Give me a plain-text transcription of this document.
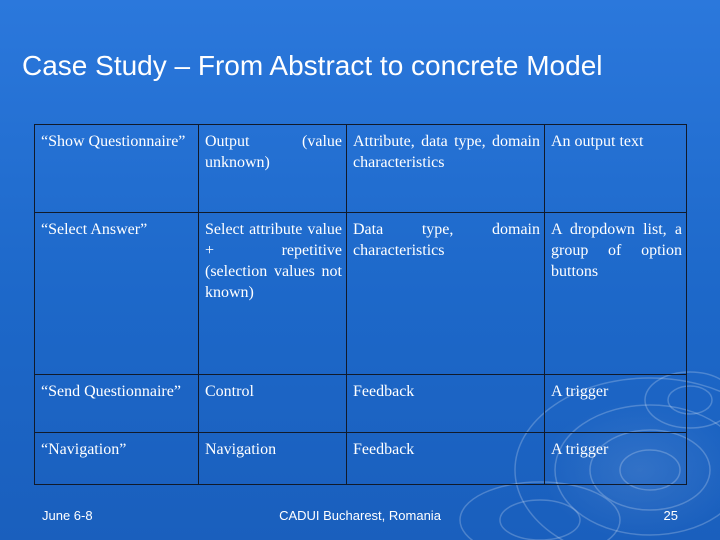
Case Study – From Abstract to concrete Model
“Show Questionnaire”	Output (value unknown)	Attribute, data type, domain characteristics	An output text
“Select Answer”	Select attribute value + repetitive (selection values not known)	Data type, domain characteristics	A dropdown list, a group of option buttons
“Send Questionnaire”	Control	Feedback	A trigger
“Navigation”	Navigation	Feedback	A trigger
June 6-8	CADUI Bucharest, Romania	25
